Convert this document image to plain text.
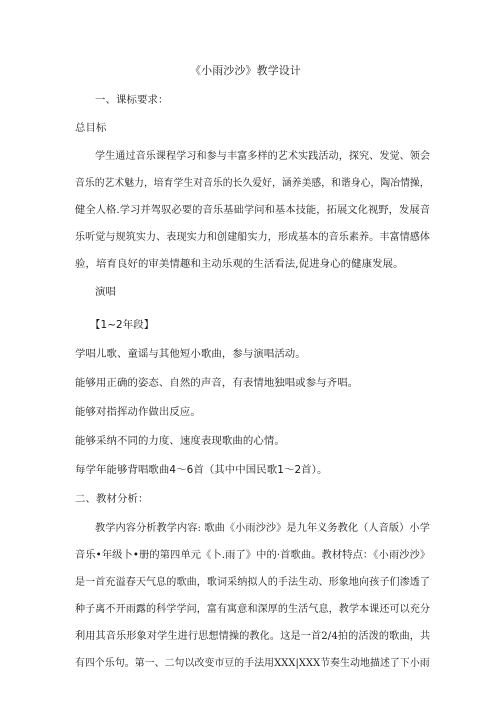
《小雨沙沙》教学设计
一、课标要求：
总目标
学生通过音乐课程学习和参与丰富多样的艺术实践活动，探究、发觉、领会
音乐的艺术魅力，培育学生对音乐的长久爱好，涵养美感，和谐身心，陶冶情操，
健全人格.学习并驾驭必要的音乐基础学问和基本技能，拓展文化视野，发展音
乐听觉与规筑实力、表现实力和创建船实力，形成基本的音乐素养。丰富情感体
验，培育良好的审美情趣和主动乐观的生活看法,促进身心的健康发展。
演唱
【1~2年段】
学唱儿歌、童谣与其他短小歌曲，参与演唱活动。
能够用正确的姿态、自然的声音，有表情地独唱或参与齐唱。
能够对指挥动作做出反应。
能够采纳不同的力度、速度表现歌曲的心情。
每学年能够背唱歌曲4～6首（其中中国民歌1～2首）。
二、教材分析：
教学内容分析教学内容: 歌曲《小雨沙沙》是九年义务教化（人音版）小学
音乐•年级卜•册的第四单元《卜.雨了》中的·首歌曲。教材特点：《小雨沙沙》
是一首充溢春天气息的歌曲，歌词采纳拟人的手法生动、形象地向孩子们渗透了
种子离不开雨露的科学学问，富有寓意和深厚的生活气息，教学本课还可以充分
利用其音乐形象对学生进行思想情操的教化。这是一首2/4拍的活泼的歌曲，共
有四个乐句。第一、二句以改变市豆的手法用XXX|XXX节奏生动地描述了下小雨
